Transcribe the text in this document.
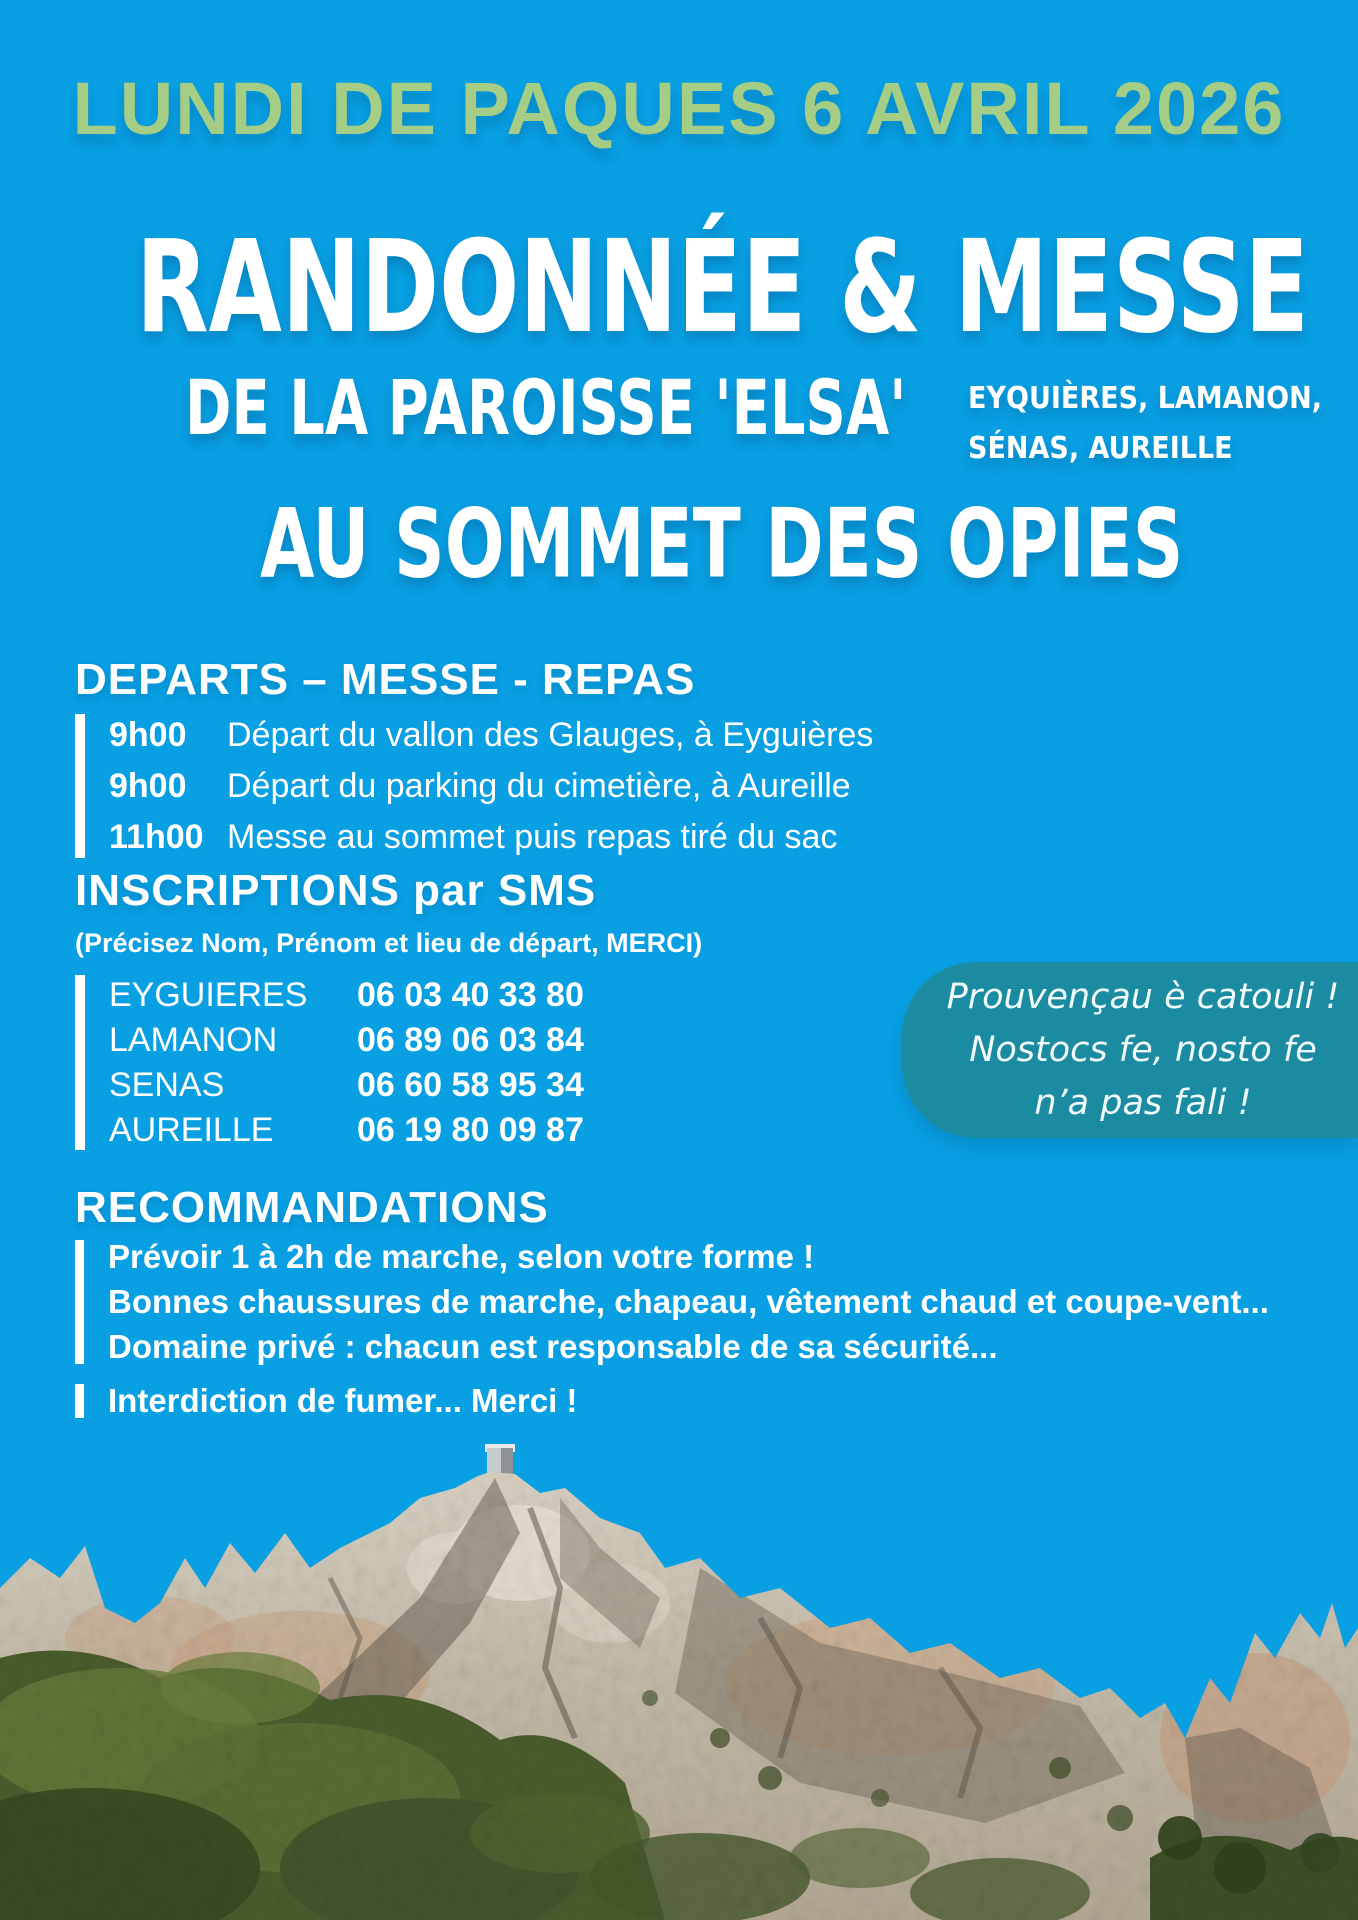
LUNDI DE PAQUES 6 AVRIL 2026
RANDONNÉE & MESSE
DE LA PAROISSE 'ELSA' EYQUIÈRES, LAMANON,
SÉNAS, AUREILLE
AU SOMMET DES OPIES
DEPARTS – MESSE - REPAS
9h00	Départ du vallon des Glauges, à Eyguières
9h00	Départ du parking du cimetière, à Aureille
11h00 Messe au sommet puis repas tiré du sac
INSCRIPTIONS par SMS
(Précisez Nom, Prénom et lieu de départ, MERCI)
EYGUIERES	06 03 40 33 80
LAMANON	06 89 06 03 84
SENAS	06 60 58 95 34
AUREILLE	06 19 80 09 87
Prouvençau è catouli !
Nostocs fe, nosto fe
n’a pas fali !
RECOMMANDATIONS
Prévoir 1 à 2h de marche, selon votre forme !
Bonnes chaussures de marche, chapeau, vêtement chaud et coupe-vent...
Domaine privé : chacun est responsable de sa sécurité...
Interdiction de fumer... Merci !
